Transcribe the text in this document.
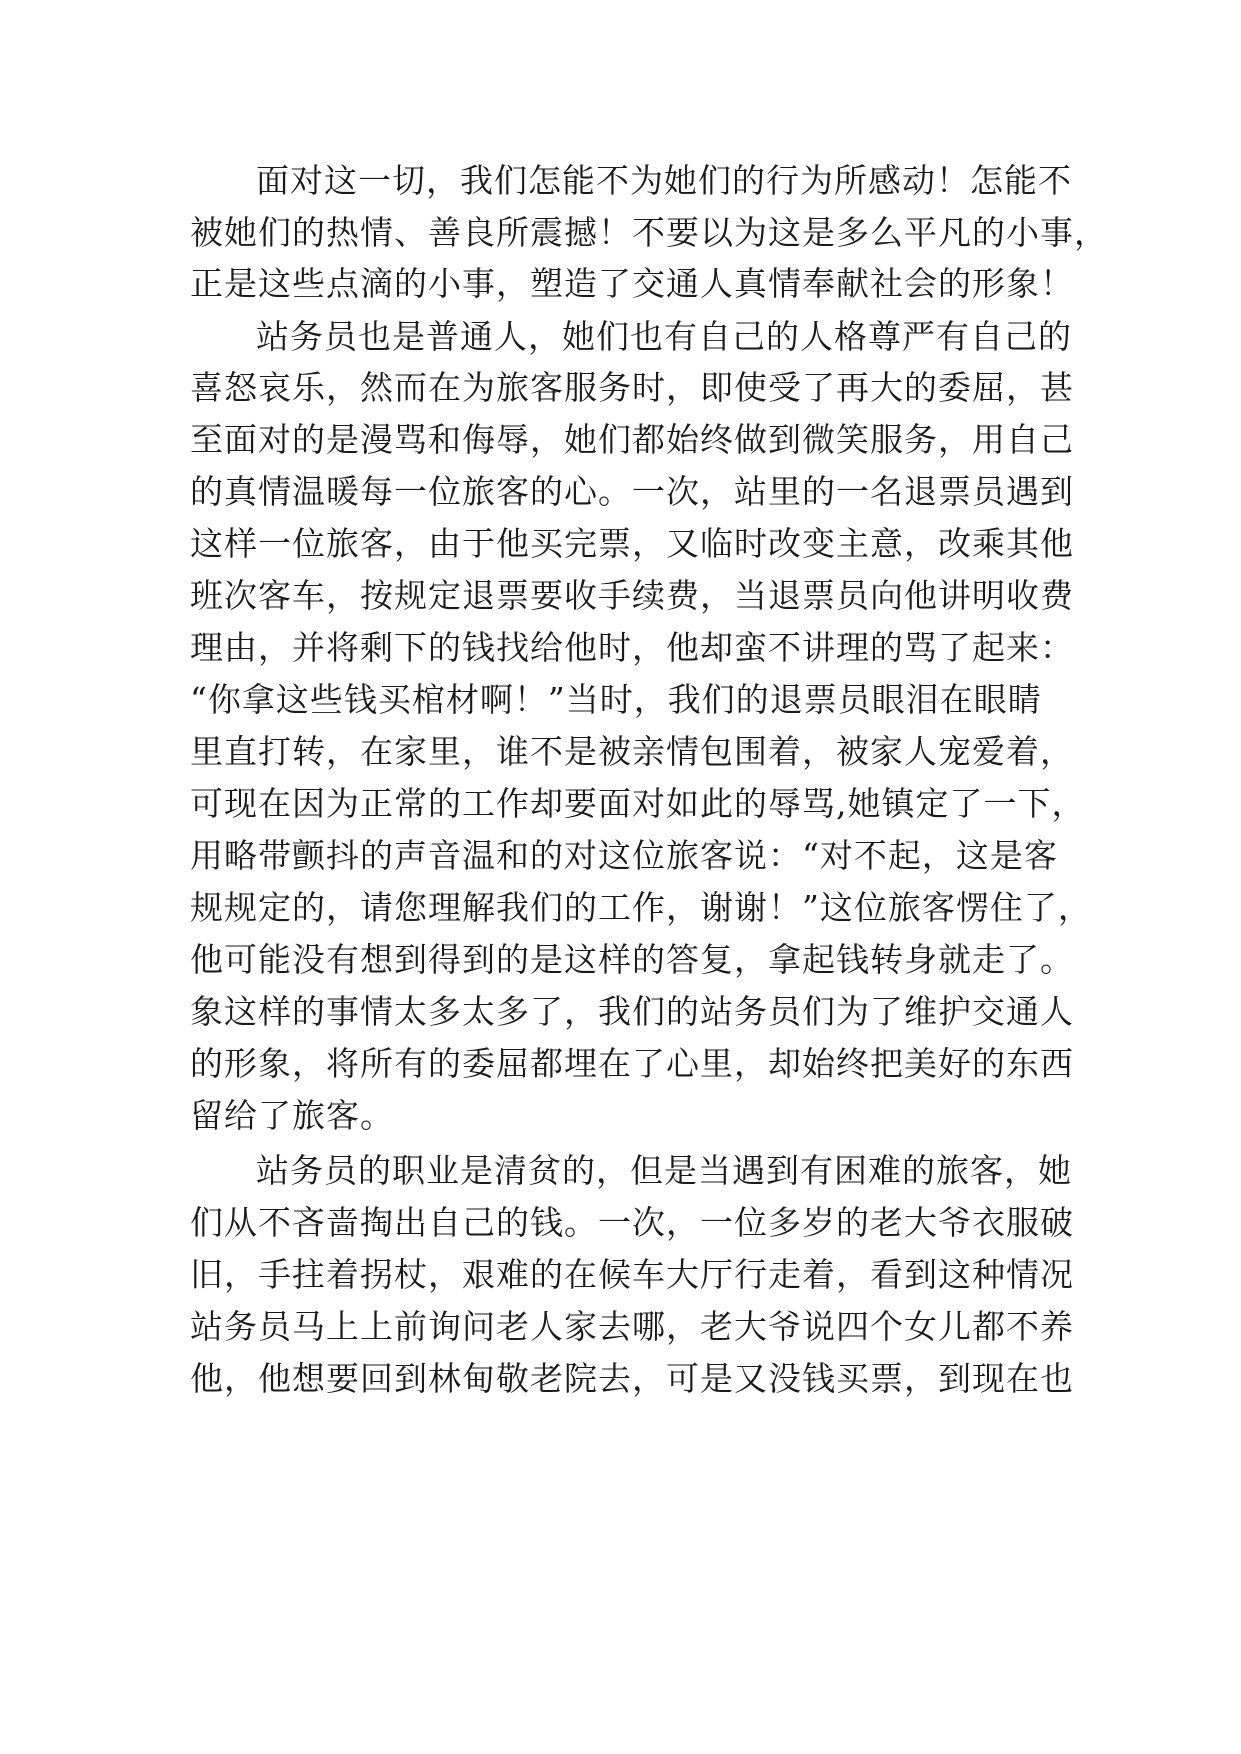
面对这一切，我们怎能不为她们的行为所感动！怎能不
被她们的热情、善良所震撼！不要以为这是多么平凡的小事，
正是这些点滴的小事，塑造了交通人真情奉献社会的形象！
站务员也是普通人，她们也有自己的人格尊严有自己的
喜怒哀乐，然而在为旅客服务时，即使受了再大的委屈，甚
至面对的是漫骂和侮辱，她们都始终做到微笑服务，用自己
的真情温暖每一位旅客的心。一次，站里的一名退票员遇到
这样一位旅客，由于他买完票，又临时改变主意，改乘其他
班次客车，按规定退票要收手续费，当退票员向他讲明收费
理由，并将剩下的钱找给他时，他却蛮不讲理的骂了起来：
“你拿这些钱买棺材啊！”当时，我们的退票员眼泪在眼睛
里直打转，在家里，谁不是被亲情包围着，被家人宠爱着，
可现在因为正常的工作却要面对如此的辱骂,她镇定了一下，
用略带颤抖的声音温和的对这位旅客说：“对不起，这是客
规规定的，请您理解我们的工作，谢谢！”这位旅客愣住了，
他可能没有想到得到的是这样的答复，拿起钱转身就走了。
象这样的事情太多太多了，我们的站务员们为了维护交通人
的形象，将所有的委屈都埋在了心里，却始终把美好的东西
留给了旅客。
站务员的职业是清贫的，但是当遇到有困难的旅客，她
们从不吝啬掏出自己的钱。一次，一位多岁的老大爷衣服破
旧，手拄着拐杖，艰难的在候车大厅行走着，看到这种情况
站务员马上上前询问老人家去哪，老大爷说四个女儿都不养
他，他想要回到林甸敬老院去，可是又没钱买票，到现在也
